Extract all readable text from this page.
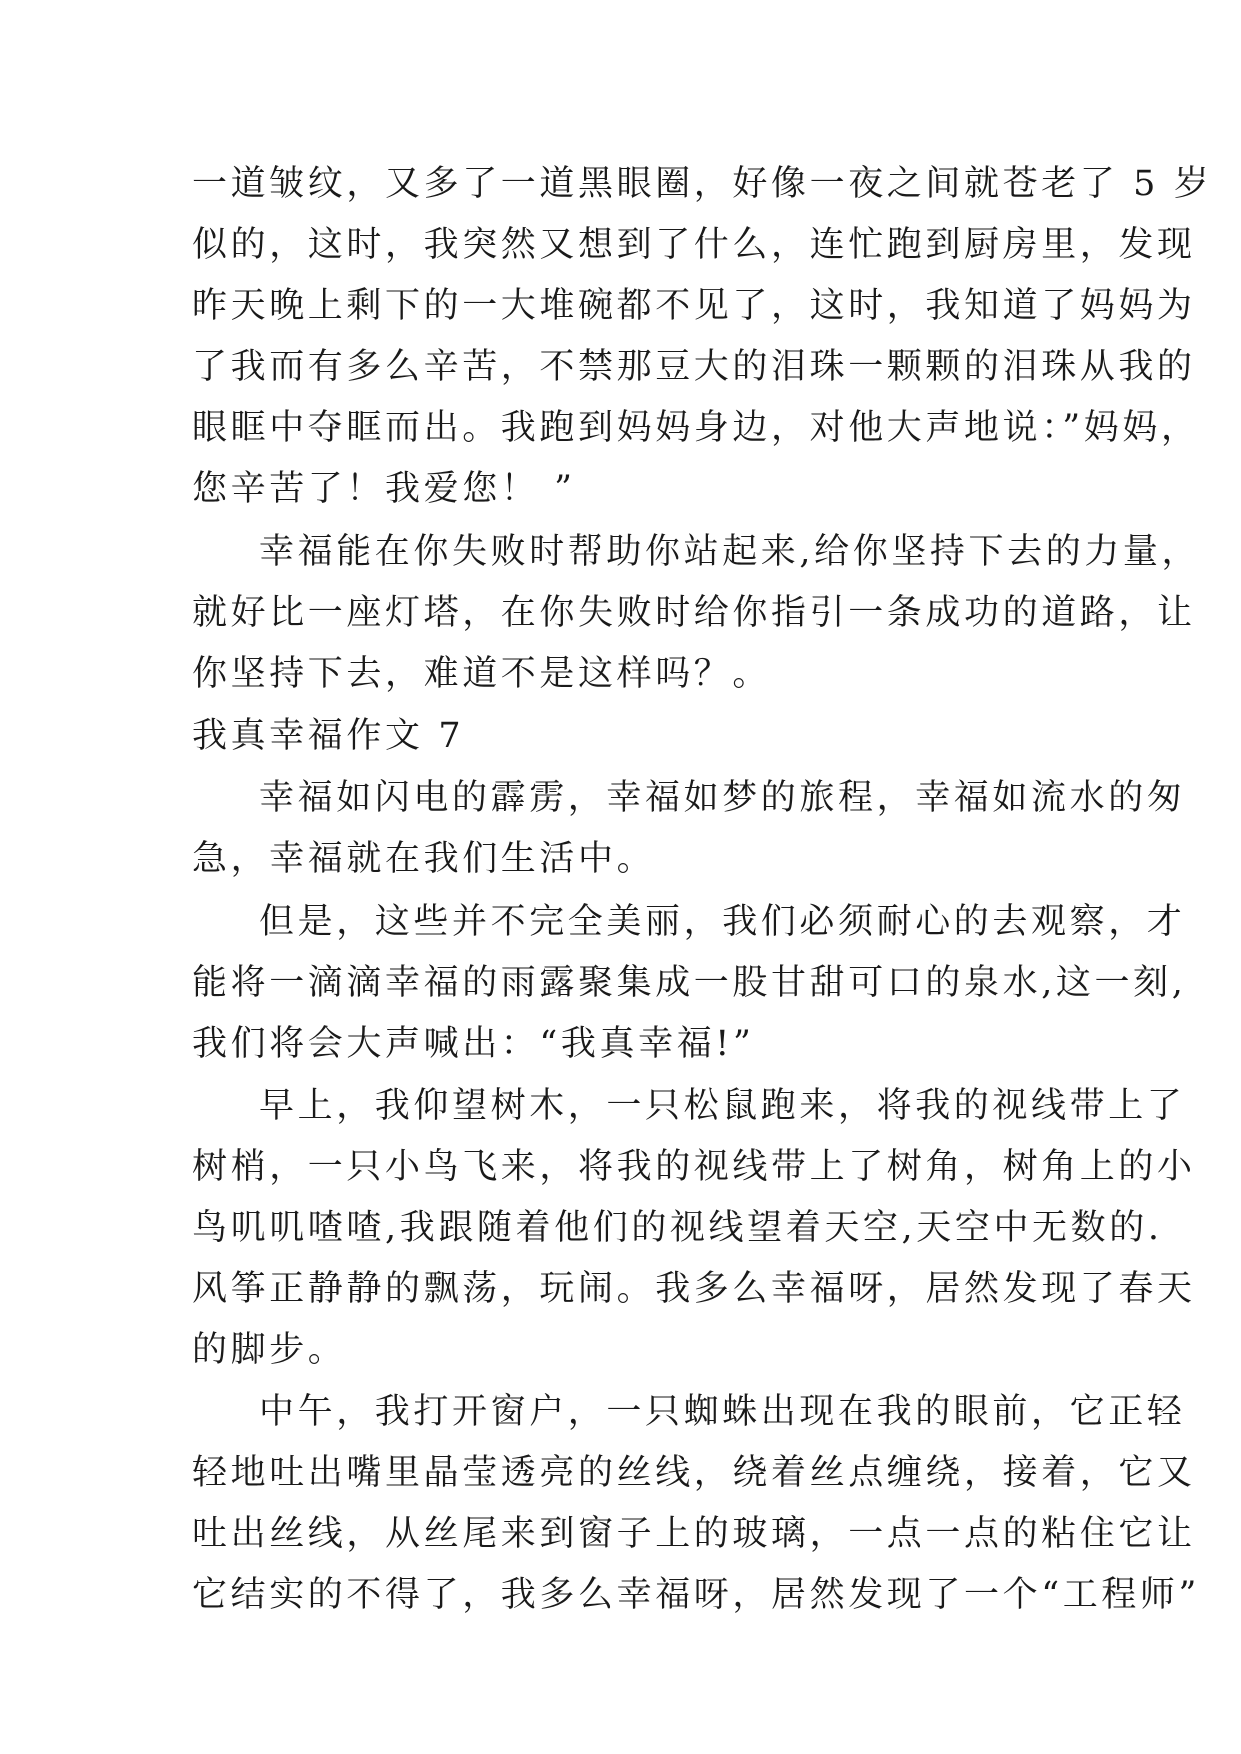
一道皱纹，又多了一道黑眼圈，好像一夜之间就苍老了 5 岁
似的，这时，我突然又想到了什么，连忙跑到厨房里，发现
昨天晚上剩下的一大堆碗都不见了，这时，我知道了妈妈为
了我而有多么辛苦，不禁那豆大的泪珠一颗颗的泪珠从我的
眼眶中夺眶而出。我跑到妈妈身边，对他大声地说：”妈妈，
您辛苦了！我爱您！ ”
幸福能在你失败时帮助你站起来,给你坚持下去的力量，
就好比一座灯塔，在你失败时给你指引一条成功的道路，让
你坚持下去，难道不是这样吗？。
我真幸福作文 7
幸福如闪电的霹雳，幸福如梦的旅程，幸福如流水的匆
急，幸福就在我们生活中。
但是，这些并不完全美丽，我们必须耐心的去观察，才
能将一滴滴幸福的雨露聚集成一股甘甜可口的泉水,这一刻,
我们将会大声喊出：“我真幸福!”
早上，我仰望树木，一只松鼠跑来，将我的视线带上了
树梢，一只小鸟飞来，将我的视线带上了树角，树角上的小
鸟叽叽喳喳,我跟随着他们的视线望着天空,天空中无数的.
风筝正静静的飘荡，玩闹。我多么幸福呀，居然发现了春天
的脚步。
中午，我打开窗户，一只蜘蛛出现在我的眼前，它正轻
轻地吐出嘴里晶莹透亮的丝线，绕着丝点缠绕，接着，它又
吐出丝线，从丝尾来到窗子上的玻璃，一点一点的粘住它让
它结实的不得了，我多么幸福呀，居然发现了一个“工程师”
